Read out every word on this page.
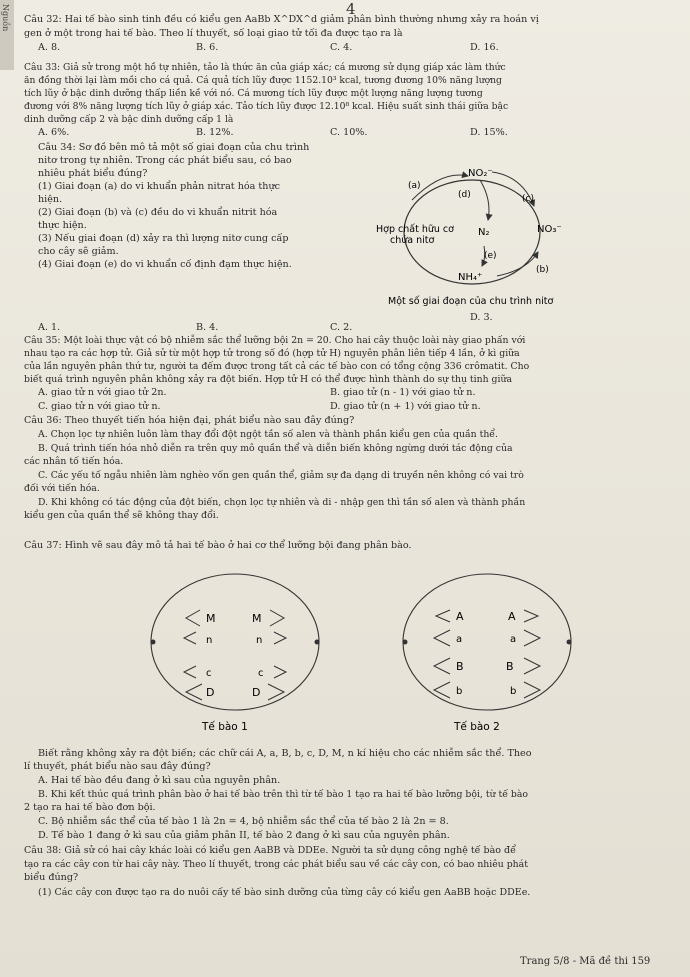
Nguồn	4
Câu 32: Hai tế bào sinh tinh đều có kiểu gen AaBb X^DX^d giảm phân bình thường nhưng xảy ra hoán vị
gen ở một trong hai tế bào. Theo lí thuyết, số loại giao tử tối đa được tạo ra là
A. 8.	B. 6.	C. 4.	D. 16.
Câu 33: Giả sử trong một hồ tự nhiên, tảo là thức ăn của giáp xác; cá mương sử dụng giáp xác làm thức
ăn đồng thời lại làm mồi cho cá quả. Cá quả tích lũy được 1152.10³ kcal, tương đương 10% năng lượng
tích lũy ở bậc dinh dưỡng thấp liền kề với nó. Cá mương tích lũy được một lượng năng lượng tương
đương với 8% năng lượng tích lũy ở giáp xác. Tảo tích lũy được 12.10⁸ kcal. Hiệu suất sinh thái giữa bậc
dinh dưỡng cấp 2 và bậc dinh dưỡng cấp 1 là
A. 6%.	B. 12%.	C. 10%.	D. 15%.
Câu 34: Sơ đồ bên mô tả một số giai đoạn của chu trình
nitơ trong tự nhiên. Trong các phát biểu sau, có bao
nhiêu phát biểu đúng?
(1) Giai đoạn (a) do vi khuẩn phản nitrat hóa thực
hiện.
(2) Giai đoạn (b) và (c) đều do vi khuẩn nitrit hóa
thực hiện.
(3) Nếu giai đoạn (d) xảy ra thì lượng nitơ cung cấp
cho cây sẽ giảm.
(4) Giai đoạn (e) do vi khuẩn cố định đạm thực hiện.
NO₂⁻
N₂	NO₃⁻
NH₄⁺
Hợp chất hữu cơ
chứa nitơ
(a)
(d)	(c)
(e)
(b)
Một số giai đoạn của chu trình nitơ
A. 1.	B. 4.	C. 2.
D. 3.
Câu 35: Một loài thực vật có bộ nhiễm sắc thể lưỡng bội 2n = 20. Cho hai cây thuộc loài này giao phấn với
nhau tạo ra các hợp tử. Giả sử từ một hợp tử trong số đó (hợp tử H) nguyên phân liên tiếp 4 lần, ở kì giữa
của lần nguyên phân thứ tư, người ta đếm được trong tất cả các tế bào con có tổng cộng 336 crômatit. Cho
biết quá trình nguyên phân không xảy ra đột biến. Hợp tử H có thể được hình thành do sự thụ tinh giữa
A. giao tử n với giao tử 2n.	B. giao tử (n - 1) với giao tử n.
C. giao tử n với giao tử n.	D. giao tử (n + 1) với giao tử n.
Câu 36: Theo thuyết tiến hóa hiện đại, phát biểu nào sau đây đúng?
A. Chọn lọc tự nhiên luôn làm thay đổi đột ngột tần số alen và thành phần kiểu gen của quần thể.
B. Quá trình tiến hóa nhỏ diễn ra trên quy mô quần thể và diễn biến không ngừng dưới tác động của
các nhân tố tiến hóa.
C. Các yếu tố ngẫu nhiên làm nghèo vốn gen quần thể, giảm sự đa dạng di truyền nên không có vai trò
đối với tiến hóa.
D. Khi không có tác động của đột biến, chọn lọc tự nhiên và di - nhập gen thì tần số alen và thành phần
kiểu gen của quần thể sẽ không thay đổi.
Câu 37: Hình vẽ sau đây mô tả hai tế bào ở hai cơ thể lưỡng bội đang phân bào.
M	M
n	n
c	c
D	D
Tế bào 1
A	A
a	a
B	B
b	b
Tế bào 2
Biết rằng không xảy ra đột biến; các chữ cái A, a, B, b, c, D, M, n kí hiệu cho các nhiễm sắc thể. Theo
lí thuyết, phát biểu nào sau đây đúng?
A. Hai tế bào đều đang ở kì sau của nguyên phân.
B. Khi kết thúc quá trình phân bào ở hai tế bào trên thì từ tế bào 1 tạo ra hai tế bào lưỡng bội, từ tế bào
2 tạo ra hai tế bào đơn bội.
C. Bộ nhiễm sắc thể của tế bào 1 là 2n = 4, bộ nhiễm sắc thể của tế bào 2 là 2n = 8.
D. Tế bào 1 đang ở kì sau của giảm phân II, tế bào 2 đang ở kì sau của nguyên phân.
Câu 38: Giả sử có hai cây khác loài có kiểu gen AaBB và DDEe. Người ta sử dụng công nghệ tế bào để
tạo ra các cây con từ hai cây này. Theo lí thuyết, trong các phát biểu sau về các cây con, có bao nhiêu phát
biểu đúng?
(1) Các cây con được tạo ra do nuôi cấy tế bào sinh dưỡng của từng cây có kiểu gen AaBB hoặc DDEe.
Trang 5/8 - Mã đề thi 159
